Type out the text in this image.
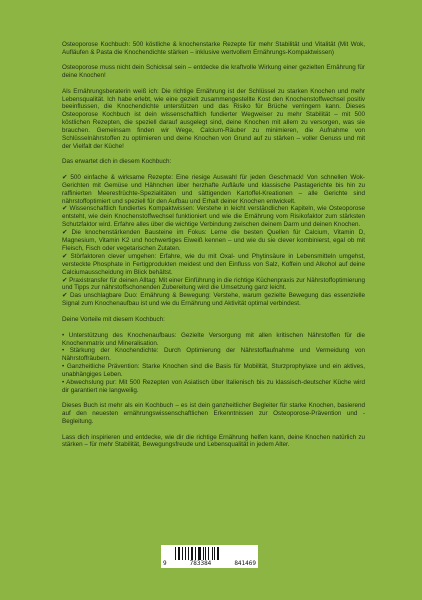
Osteoporose Kochbuch: 500 köstliche & knochenstarke Rezepte für mehr Stabilität und Vitalität (Mit Wok, Aufläufen & Pasta die Knochendichte stärken – inklusive wertvollem Ernährungs-Kompaktwissen)

Osteoporose muss nicht dein Schicksal sein – entdecke die kraftvolle Wirkung einer gezielten Ernährung für deine Knochen!

Als Ernährungsberaterin weiß ich: Die richtige Ernährung ist der Schlüssel zu starken Knochen und mehr Lebensqualität. Ich habe erlebt, wie eine gezielt zusammengestellte Kost den Knochenstoffwechsel positiv beeinflussen, die Knochendichte unterstützen und das Risiko für Brüche verringern kann. Dieses Osteoporose Kochbuch ist dein wissenschaftlich fundierter Wegweiser zu mehr Stabilität – mit 500 köstlichen Rezepten, die speziell darauf ausgelegt sind, deine Knochen mit allem zu versorgen, was sie brauchen. Gemeinsam finden wir Wege, Calcium-Räuber zu minimieren, die Aufnahme von Schlüsselnährstoffen zu optimieren und deine Knochen von Grund auf zu stärken – voller Genuss und mit der Vielfalt der Küche!

Das erwartet dich in diesem Kochbuch:

✔ 500 einfache & wirksame Rezepte: Eine riesige Auswahl für jeden Geschmack! Von schnellen Wok-Gerichten mit Gemüse und Hähnchen über herzhafte Aufläufe und klassische Pastagerichte bis hin zu raffinierten Meeresfrüchte-Spezialitäten und sättigenden Kartoffel-Kreationen – alle Gerichte sind nährstoffoptimiert und speziell für den Aufbau und Erhalt deiner Knochen entwickelt.

✔ Wissenschaftlich fundiertes Kompaktwissen: Verstehe in leicht verständlichen Kapiteln, wie Osteoporose entsteht, wie dein Knochenstoffwechsel funktioniert und wie die Ernährung vom Risikofaktor zum stärksten Schutzfaktor wird. Erfahre alles über die wichtige Verbindung zwischen deinem Darm und deinen Knochen.

✔ Die knochenstärkenden Bausteine im Fokus: Lerne die besten Quellen für Calcium, Vitamin D, Magnesium, Vitamin K2 und hochwertiges Eiweiß kennen – und wie du sie clever kombinierst, egal ob mit Fleisch, Fisch oder vegetarischen Zutaten.

✔ Störfaktoren clever umgehen: Erfahre, wie du mit Oxal- und Phytinsäure in Lebensmitteln umgehst, versteckte Phosphate in Fertigprodukten meidest und den Einfluss von Salz, Koffein und Alkohol auf deine Calciumausscheidung im Blick behältst.

✔ Praxistransfer für deinen Alltag: Mit einer Einführung in die richtige Küchenpraxis zur Nährstoffoptimierung und Tipps zur nährstoffschonenden Zubereitung wird die Umsetzung ganz leicht.

✔ Das unschlagbare Duo: Ernährung & Bewegung: Verstehe, warum gezielte Bewegung das essenzielle Signal zum Knochenaufbau ist und wie du Ernährung und Aktivität optimal verbindest.

Deine Vorteile mit diesem Kochbuch:

• Unterstützung des Knochenaufbaus: Gezielte Versorgung mit allen kritischen Nährstoffen für die Knochenmatrix und Mineralisation.

• Stärkung der Knochendichte: Durch Optimierung der Nährstoffaufnahme und Vermeidung von Nährstoffräubern.

• Ganzheitliche Prävention: Starke Knochen sind die Basis für Mobilität, Sturzprophylaxe und ein aktives, unabhängiges Leben.

• Abwechslung pur: Mit 500 Rezepten von Asiatisch über Italienisch bis zu klassisch-deutscher Küche wird dir garantiert nie langweilig.

Dieses Buch ist mehr als ein Kochbuch – es ist dein ganzheitlicher Begleiter für starke Knochen, basierend auf den neuesten ernährungswissenschaftlichen Erkenntnissen zur Osteoporose-Prävention und -Begleitung.

Lass dich inspirieren und entdecke, wie dir die richtige Ernährung helfen kann, deine Knochen natürlich zu stärken – für mehr Stabilität, Bewegungsfreude und Lebensqualität in jedem Alter.

9	783384	841469
